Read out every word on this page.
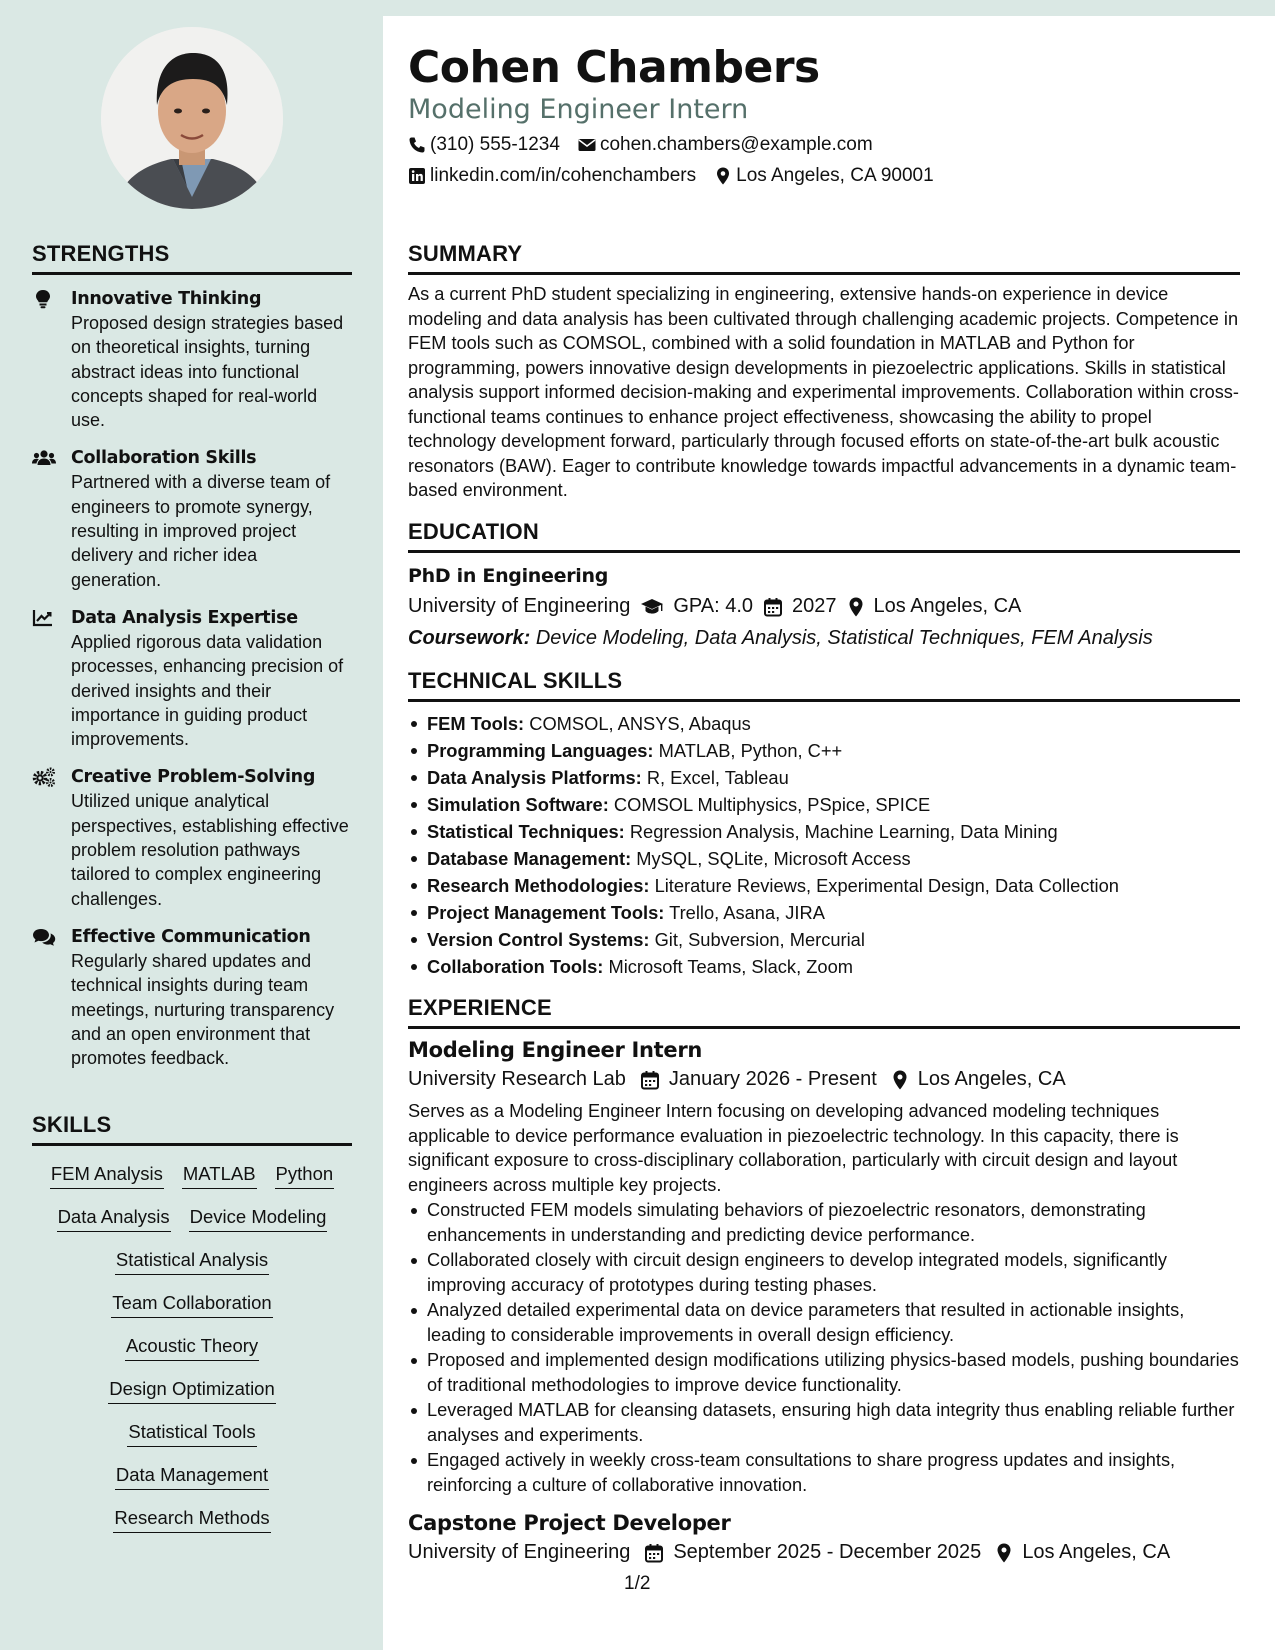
STRENGTHS
Innovative Thinking
Proposed design strategies based on theoretical insights, turning abstract ideas into functional concepts shaped for real-world use.
Collaboration Skills
Partnered with a diverse team of engineers to promote synergy, resulting in improved project delivery and richer idea generation.
Data Analysis Expertise
Applied rigorous data validation processes, enhancing precision of derived insights and their importance in guiding product improvements.
Creative Problem-Solving
Utilized unique analytical perspectives, establishing effective problem resolution pathways tailored to complex engineering challenges.
Effective Communication
Regularly shared updates and technical insights during team meetings, nurturing transparency and an open environment that promotes feedback.
SKILLS
FEM Analysis MATLAB Python
Data Analysis Device Modeling
Statistical Analysis
Team Collaboration
Acoustic Theory
Design Optimization
Statistical Tools
Data Management
Research Methods
Cohen Chambers
Modeling Engineer Intern
(310) 555-1234 cohen.chambers@example.com
linkedin.com/in/cohenchambers Los Angeles, CA 90001
SUMMARY
As a current PhD student specializing in engineering, extensive hands-on experience in device modeling and data analysis has been cultivated through challenging academic projects. Competence in FEM tools such as COMSOL, combined with a solid foundation in MATLAB and Python for programming, powers innovative design developments in piezoelectric applications. Skills in statistical analysis support informed decision-making and experimental improvements. Collaboration within cross-functional teams continues to enhance project effectiveness, showcasing the ability to propel technology development forward, particularly through focused efforts on state-of-the-art bulk acoustic resonators (BAW). Eager to contribute knowledge towards impactful advancements in a dynamic team-based environment.
EDUCATION
PhD in Engineering
University of Engineering GPA: 4.0 2027 Los Angeles, CA
Coursework: Device Modeling, Data Analysis, Statistical Techniques, FEM Analysis
TECHNICAL SKILLS
FEM Tools: COMSOL, ANSYS, Abaqus
Programming Languages: MATLAB, Python, C++
Data Analysis Platforms: R, Excel, Tableau
Simulation Software: COMSOL Multiphysics, PSpice, SPICE
Statistical Techniques: Regression Analysis, Machine Learning, Data Mining
Database Management: MySQL, SQLite, Microsoft Access
Research Methodologies: Literature Reviews, Experimental Design, Data Collection
Project Management Tools: Trello, Asana, JIRA
Version Control Systems: Git, Subversion, Mercurial
Collaboration Tools: Microsoft Teams, Slack, Zoom
EXPERIENCE
Modeling Engineer Intern
University Research Lab January 2026 - Present Los Angeles, CA
Serves as a Modeling Engineer Intern focusing on developing advanced modeling techniques applicable to device performance evaluation in piezoelectric technology. In this capacity, there is significant exposure to cross-disciplinary collaboration, particularly with circuit design and layout engineers across multiple key projects.
Constructed FEM models simulating behaviors of piezoelectric resonators, demonstrating enhancements in understanding and predicting device performance.
Collaborated closely with circuit design engineers to develop integrated models, significantly improving accuracy of prototypes during testing phases.
Analyzed detailed experimental data on device parameters that resulted in actionable insights, leading to considerable improvements in overall design efficiency.
Proposed and implemented design modifications utilizing physics-based models, pushing boundaries of traditional methodologies to improve device functionality.
Leveraged MATLAB for cleansing datasets, ensuring high data integrity thus enabling reliable further analyses and experiments.
Engaged actively in weekly cross-team consultations to share progress updates and insights, reinforcing a culture of collaborative innovation.
Capstone Project Developer
University of Engineering September 2025 - December 2025 Los Angeles, CA
1/2
